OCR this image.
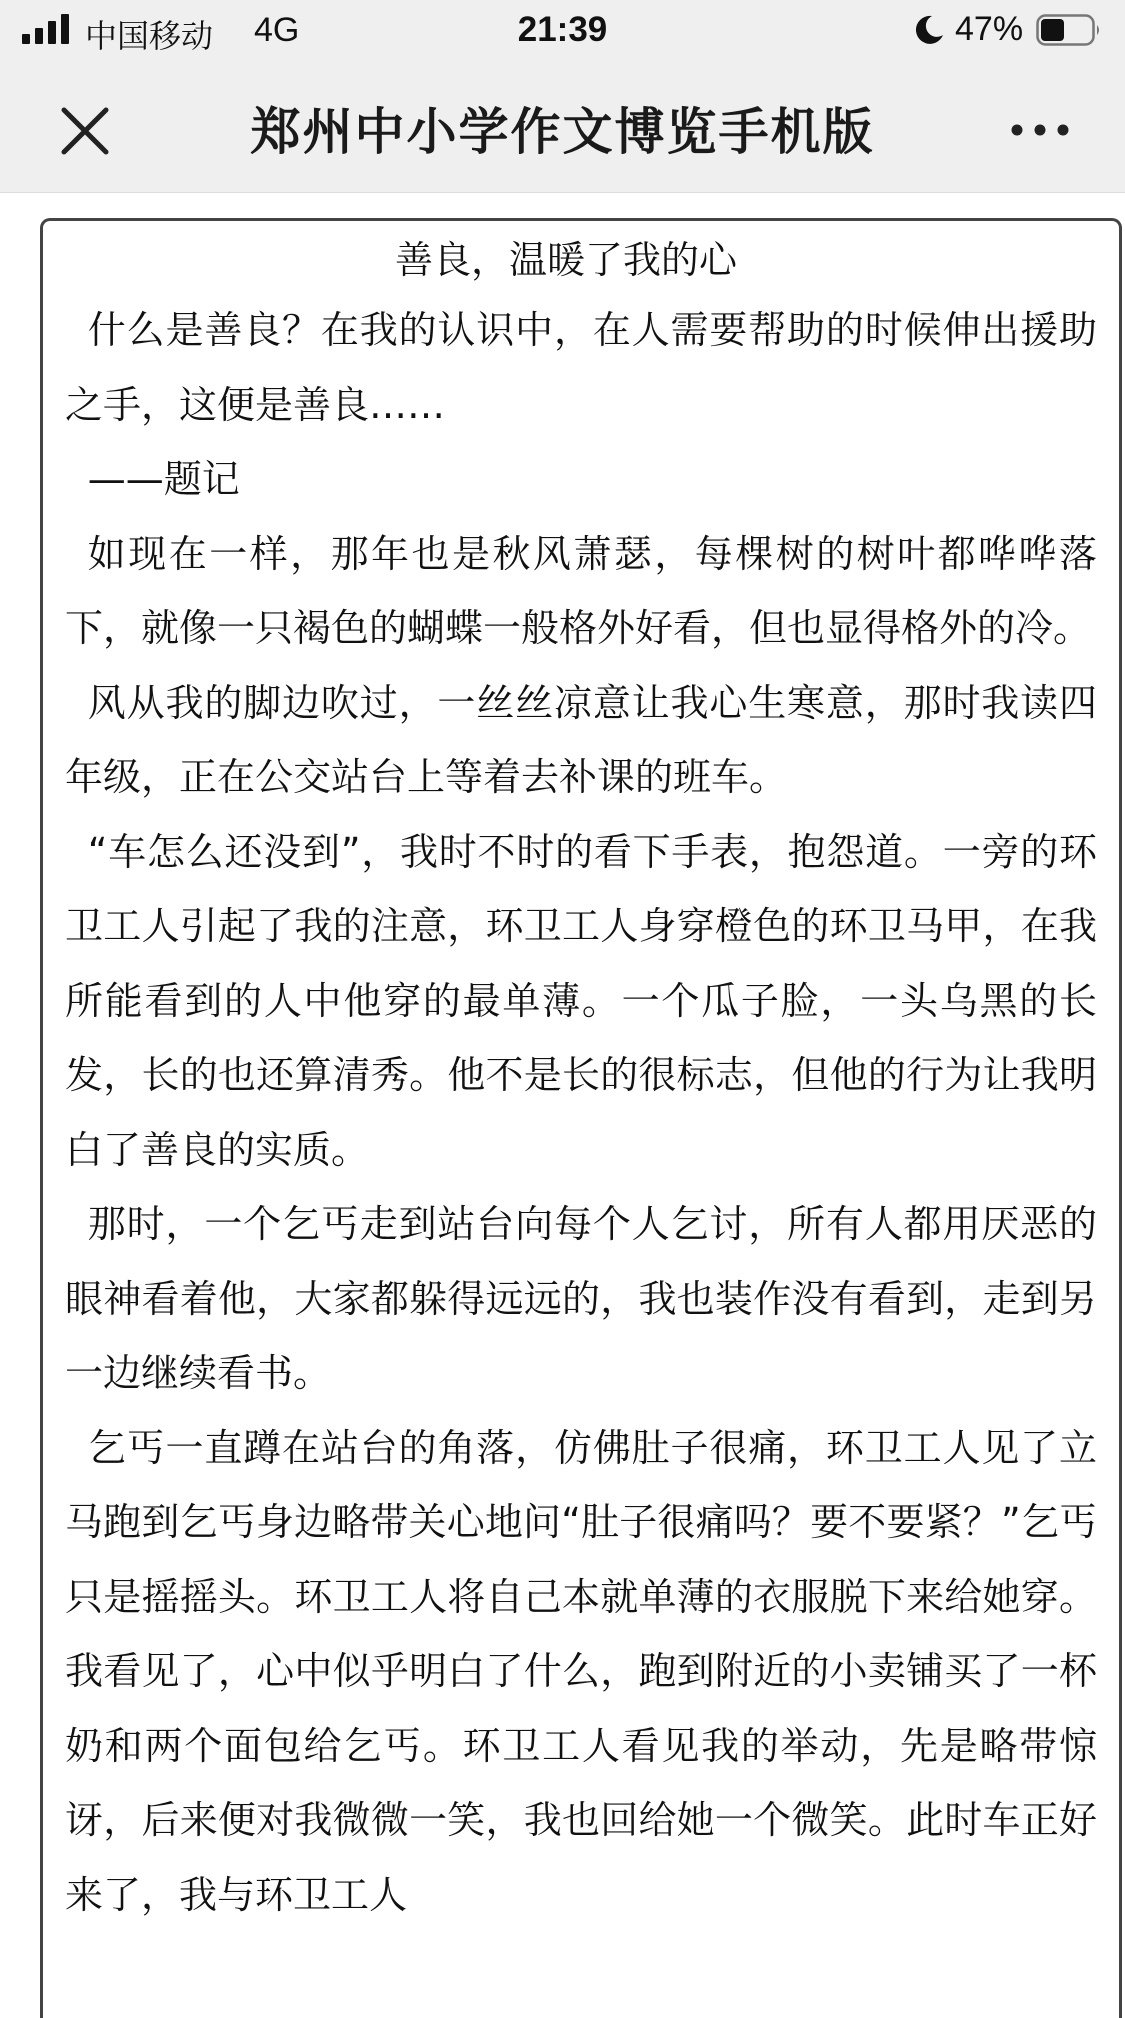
中国移动 4G	21:39	47%
郑州中小学作文博览手机版
善良，温暖了我的心

什么是善良？在我的认识中，在人需要帮助的时候伸出援助之手，这便是善良……

——题记

如现在一样，那年也是秋风萧瑟，每棵树的树叶都哗哗落下，就像一只褐色的蝴蝶一般格外好看，但也显得格外的冷。

风从我的脚边吹过，一丝丝凉意让我心生寒意，那时我读四年级，正在公交站台上等着去补课的班车。

“车怎么还没到”，我时不时的看下手表，抱怨道。一旁的环卫工人引起了我的注意，环卫工人身穿橙色的环卫马甲，在我所能看到的人中他穿的最单薄。一个瓜子脸，一头乌黑的长发，长的也还算清秀。他不是长的很标志，但他的行为让我明白了善良的实质。

那时，一个乞丐走到站台向每个人乞讨，所有人都用厌恶的眼神看着他，大家都躲得远远的，我也装作没有看到，走到另一边继续看书。

乞丐一直蹲在站台的角落，仿佛肚子很痛，环卫工人见了立马跑到乞丐身边略带关心地问“肚子很痛吗？要不要紧？”乞丐只是摇摇头。环卫工人将自己本就单薄的衣服脱下来给她穿。我看见了，心中似乎明白了什么，跑到附近的小卖铺买了一杯奶和两个面包给乞丐。环卫工人看见我的举动，先是略带惊讶，后来便对我微微一笑，我也回给她一个微笑。此时车正好来了，我与环卫工人
